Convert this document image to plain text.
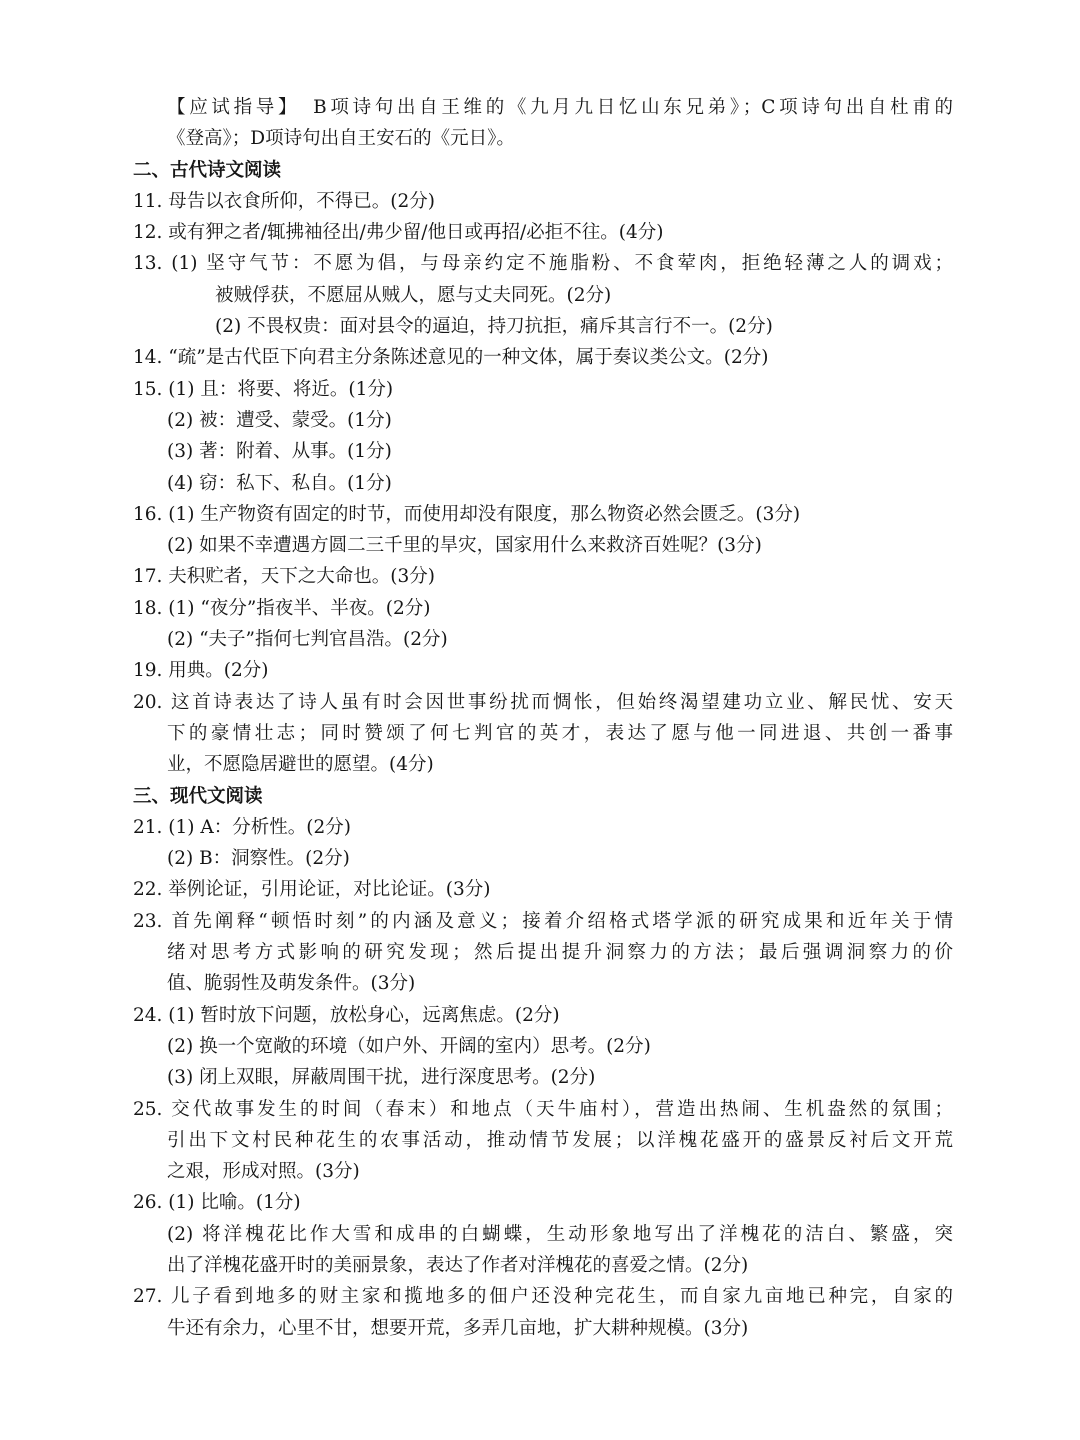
【应试指导】　B项诗句出自王维的《九月九日忆山东兄弟》；C项诗句出自杜甫的
《登高》；D项诗句出自王安石的《元日》。
二、古代诗文阅读
11. 母告以衣食所仰，不得已。(2分)
12. 或有狎之者/辄拂袖径出/弗少留/他日或再招/必拒不往。(4分)
13. (1) 坚守气节：不愿为倡，与母亲约定不施脂粉、不食荤肉，拒绝轻薄之人的调戏；
被贼俘获，不愿屈从贼人，愿与丈夫同死。(2分)
(2) 不畏权贵：面对县令的逼迫，持刀抗拒，痛斥其言行不一。(2分)
14. “疏”是古代臣下向君主分条陈述意见的一种文体，属于奏议类公文。(2分)
15. (1) 且：将要、将近。(1分)
(2) 被：遭受、蒙受。(1分)
(3) 著：附着、从事。(1分)
(4) 窃：私下、私自。(1分)
16. (1) 生产物资有固定的时节，而使用却没有限度，那么物资必然会匮乏。(3分)
(2) 如果不幸遭遇方圆二三千里的旱灾，国家用什么来救济百姓呢？(3分)
17. 夫积贮者，天下之大命也。(3分)
18. (1) “夜分”指夜半、半夜。(2分)
(2) “夫子”指何七判官昌浩。(2分)
19. 用典。(2分)
20. 这首诗表达了诗人虽有时会因世事纷扰而惆怅，但始终渴望建功立业、解民忧、安天
下的豪情壮志；同时赞颂了何七判官的英才，表达了愿与他一同进退、共创一番事
业，不愿隐居避世的愿望。(4分)
三、现代文阅读
21. (1) A：分析性。(2分)
(2) B：洞察性。(2分)
22. 举例论证，引用论证，对比论证。(3分)
23. 首先阐释“顿悟时刻”的内涵及意义；接着介绍格式塔学派的研究成果和近年关于情
绪对思考方式影响的研究发现；然后提出提升洞察力的方法；最后强调洞察力的价
值、脆弱性及萌发条件。(3分)
24. (1) 暂时放下问题，放松身心，远离焦虑。(2分)
(2) 换一个宽敞的环境（如户外、开阔的室内）思考。(2分)
(3) 闭上双眼，屏蔽周围干扰，进行深度思考。(2分)
25. 交代故事发生的时间（春末）和地点（天牛庙村），营造出热闹、生机盎然的氛围；
引出下文村民种花生的农事活动，推动情节发展；以洋槐花盛开的盛景反衬后文开荒
之艰，形成对照。(3分)
26. (1) 比喻。(1分)
(2) 将洋槐花比作大雪和成串的白蝴蝶，生动形象地写出了洋槐花的洁白、繁盛，突
出了洋槐花盛开时的美丽景象，表达了作者对洋槐花的喜爱之情。(2分)
27. 儿子看到地多的财主家和揽地多的佃户还没种完花生，而自家九亩地已种完，自家的
牛还有余力，心里不甘，想要开荒，多弄几亩地，扩大耕种规模。(3分)
